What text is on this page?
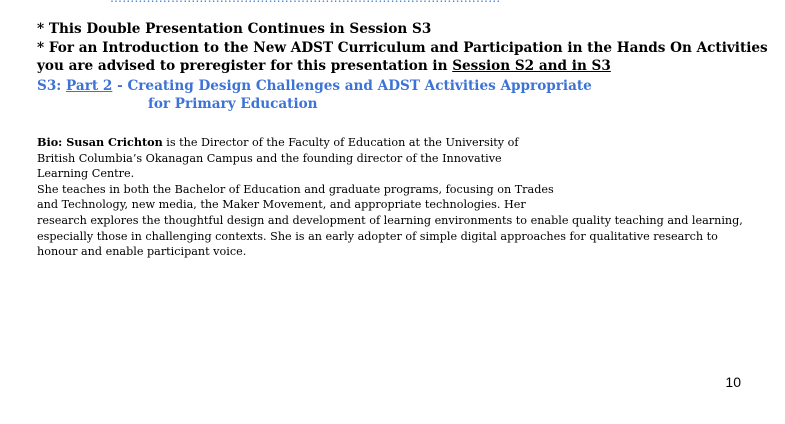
* This Double Presentation Continues in Session S3
* For an Introduction to the New ADST Curriculum and Participation in the Hands On Activities
you are advised to preregister for this presentation in Session S2 and in S3
S3: Part 2 - Creating Design Challenges and ADST Activities Appropriate
for Primary Education
Bio: Susan Crichton is the Director of the Faculty of Education at the University of
British Columbia’s Okanagan Campus and the founding director of the Innovative
Learning Centre.
She teaches in both the Bachelor of Education and graduate programs, focusing on Trades
and Technology, new media, the Maker Movement, and appropriate technologies. Her
research explores the thoughtful design and development of learning environments to enable quality teaching and learning,
especially those in challenging contexts. She is an early adopter of simple digital approaches for qualitative research to
honour and enable participant voice.
10
